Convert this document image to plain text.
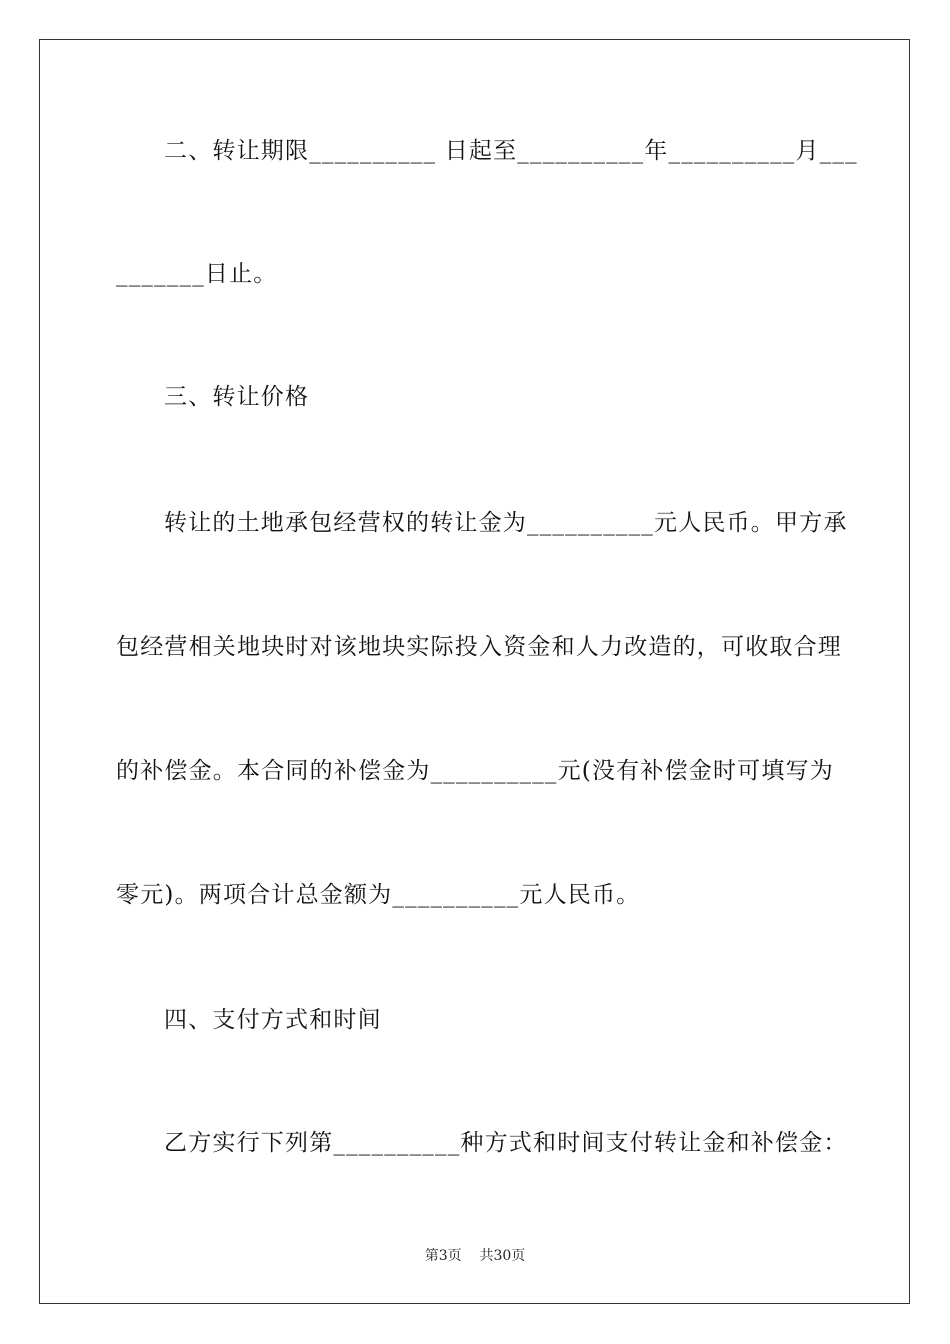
二、转让期限__________ 日起至__________年__________月___
_______日止。
三、转让价格
转让的土地承包经营权的转让金为__________元人民币。甲方承
包经营相关地块时对该地块实际投入资金和人力改造的，可收取合理
的补偿金。本合同的补偿金为__________元(没有补偿金时可填写为
零元)。两项合计总金额为__________元人民币。
四、支付方式和时间
乙方实行下列第__________种方式和时间支付转让金和补偿金：
第3页    共30页
